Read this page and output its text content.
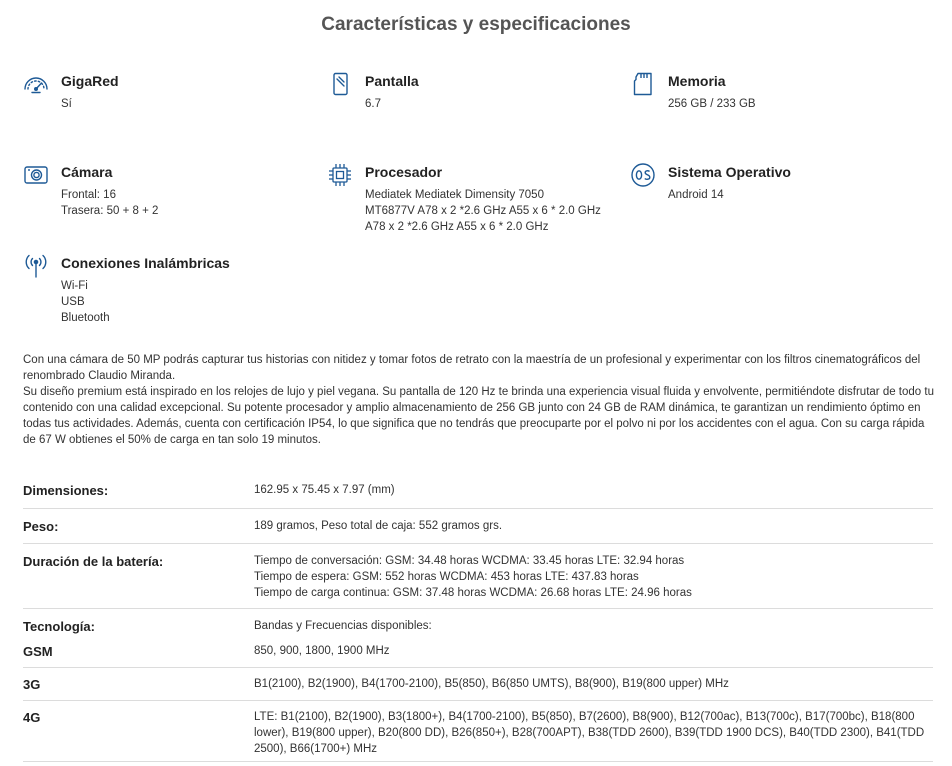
Características y especificaciones
GigaRed
Sí
Pantalla
6.7
Memoria
256 GB / 233 GB
Cámara
Frontal: 16
Trasera: 50 + 8 + 2
Procesador
Mediatek Mediatek Dimensity 7050
MT6877V A78 x 2 *2.6 GHz A55 x 6 * 2.0 GHz
A78 x 2 *2.6 GHz A55 x 6 * 2.0 GHz
Sistema Operativo
Android 14
Conexiones Inalámbricas
Wi-Fi
USB
Bluetooth

Con una cámara de 50 MP podrás capturar tus historias con nitidez y tomar fotos de retrato con la maestría de un profesional y experimentar con los filtros cinematográficos del renombrado Claudio Miranda.

Su diseño premium está inspirado en los relojes de lujo y piel vegana. Su pantalla de 120 Hz te brinda una experiencia visual fluida y envolvente, permitiéndote disfrutar de todo tu contenido con una calidad excepcional. Su potente procesador y amplio almacenamiento de 256 GB junto con 24 GB de RAM dinámica, te garantizan un rendimiento óptimo en todas tus actividades. Además, cuenta con certificación IP54, lo que significa que no tendrás que preocuparte por el polvo ni por los accidentes con el agua. Con su carga rápida de 67 W obtienes el 50% de carga en tan solo 19 minutos.

Dimensiones:	162.95 x 75.45 x 7.97 (mm)
Peso:	189 gramos, Peso total de caja: 552 gramos grs.
Duración de la batería:	Tiempo de conversación: GSM: 34.48 horas WCDMA: 33.45 horas LTE: 32.94 horas
Tiempo de espera: GSM: 552 horas WCDMA: 453 horas LTE: 437.83 horas
Tiempo de carga continua: GSM: 37.48 horas WCDMA: 26.68 horas LTE: 24.96 horas
Tecnología:	Bandas y Frecuencias disponibles:
GSM	850, 900, 1800, 1900 MHz
3G	B1(2100), B2(1900), B4(1700-2100), B5(850), B6(850 UMTS), B8(900), B19(800 upper) MHz
4G	LTE: B1(2100), B2(1900), B3(1800+), B4(1700-2100), B5(850), B7(2600), B8(900), B12(700ac), B13(700c), B17(700bc), B18(800
lower), B19(800 upper), B20(800 DD), B26(850+), B28(700APT), B38(TDD 2600), B39(TDD 1900 DCS), B40(TDD 2300), B41(TDD
2500), B66(1700+) MHz
